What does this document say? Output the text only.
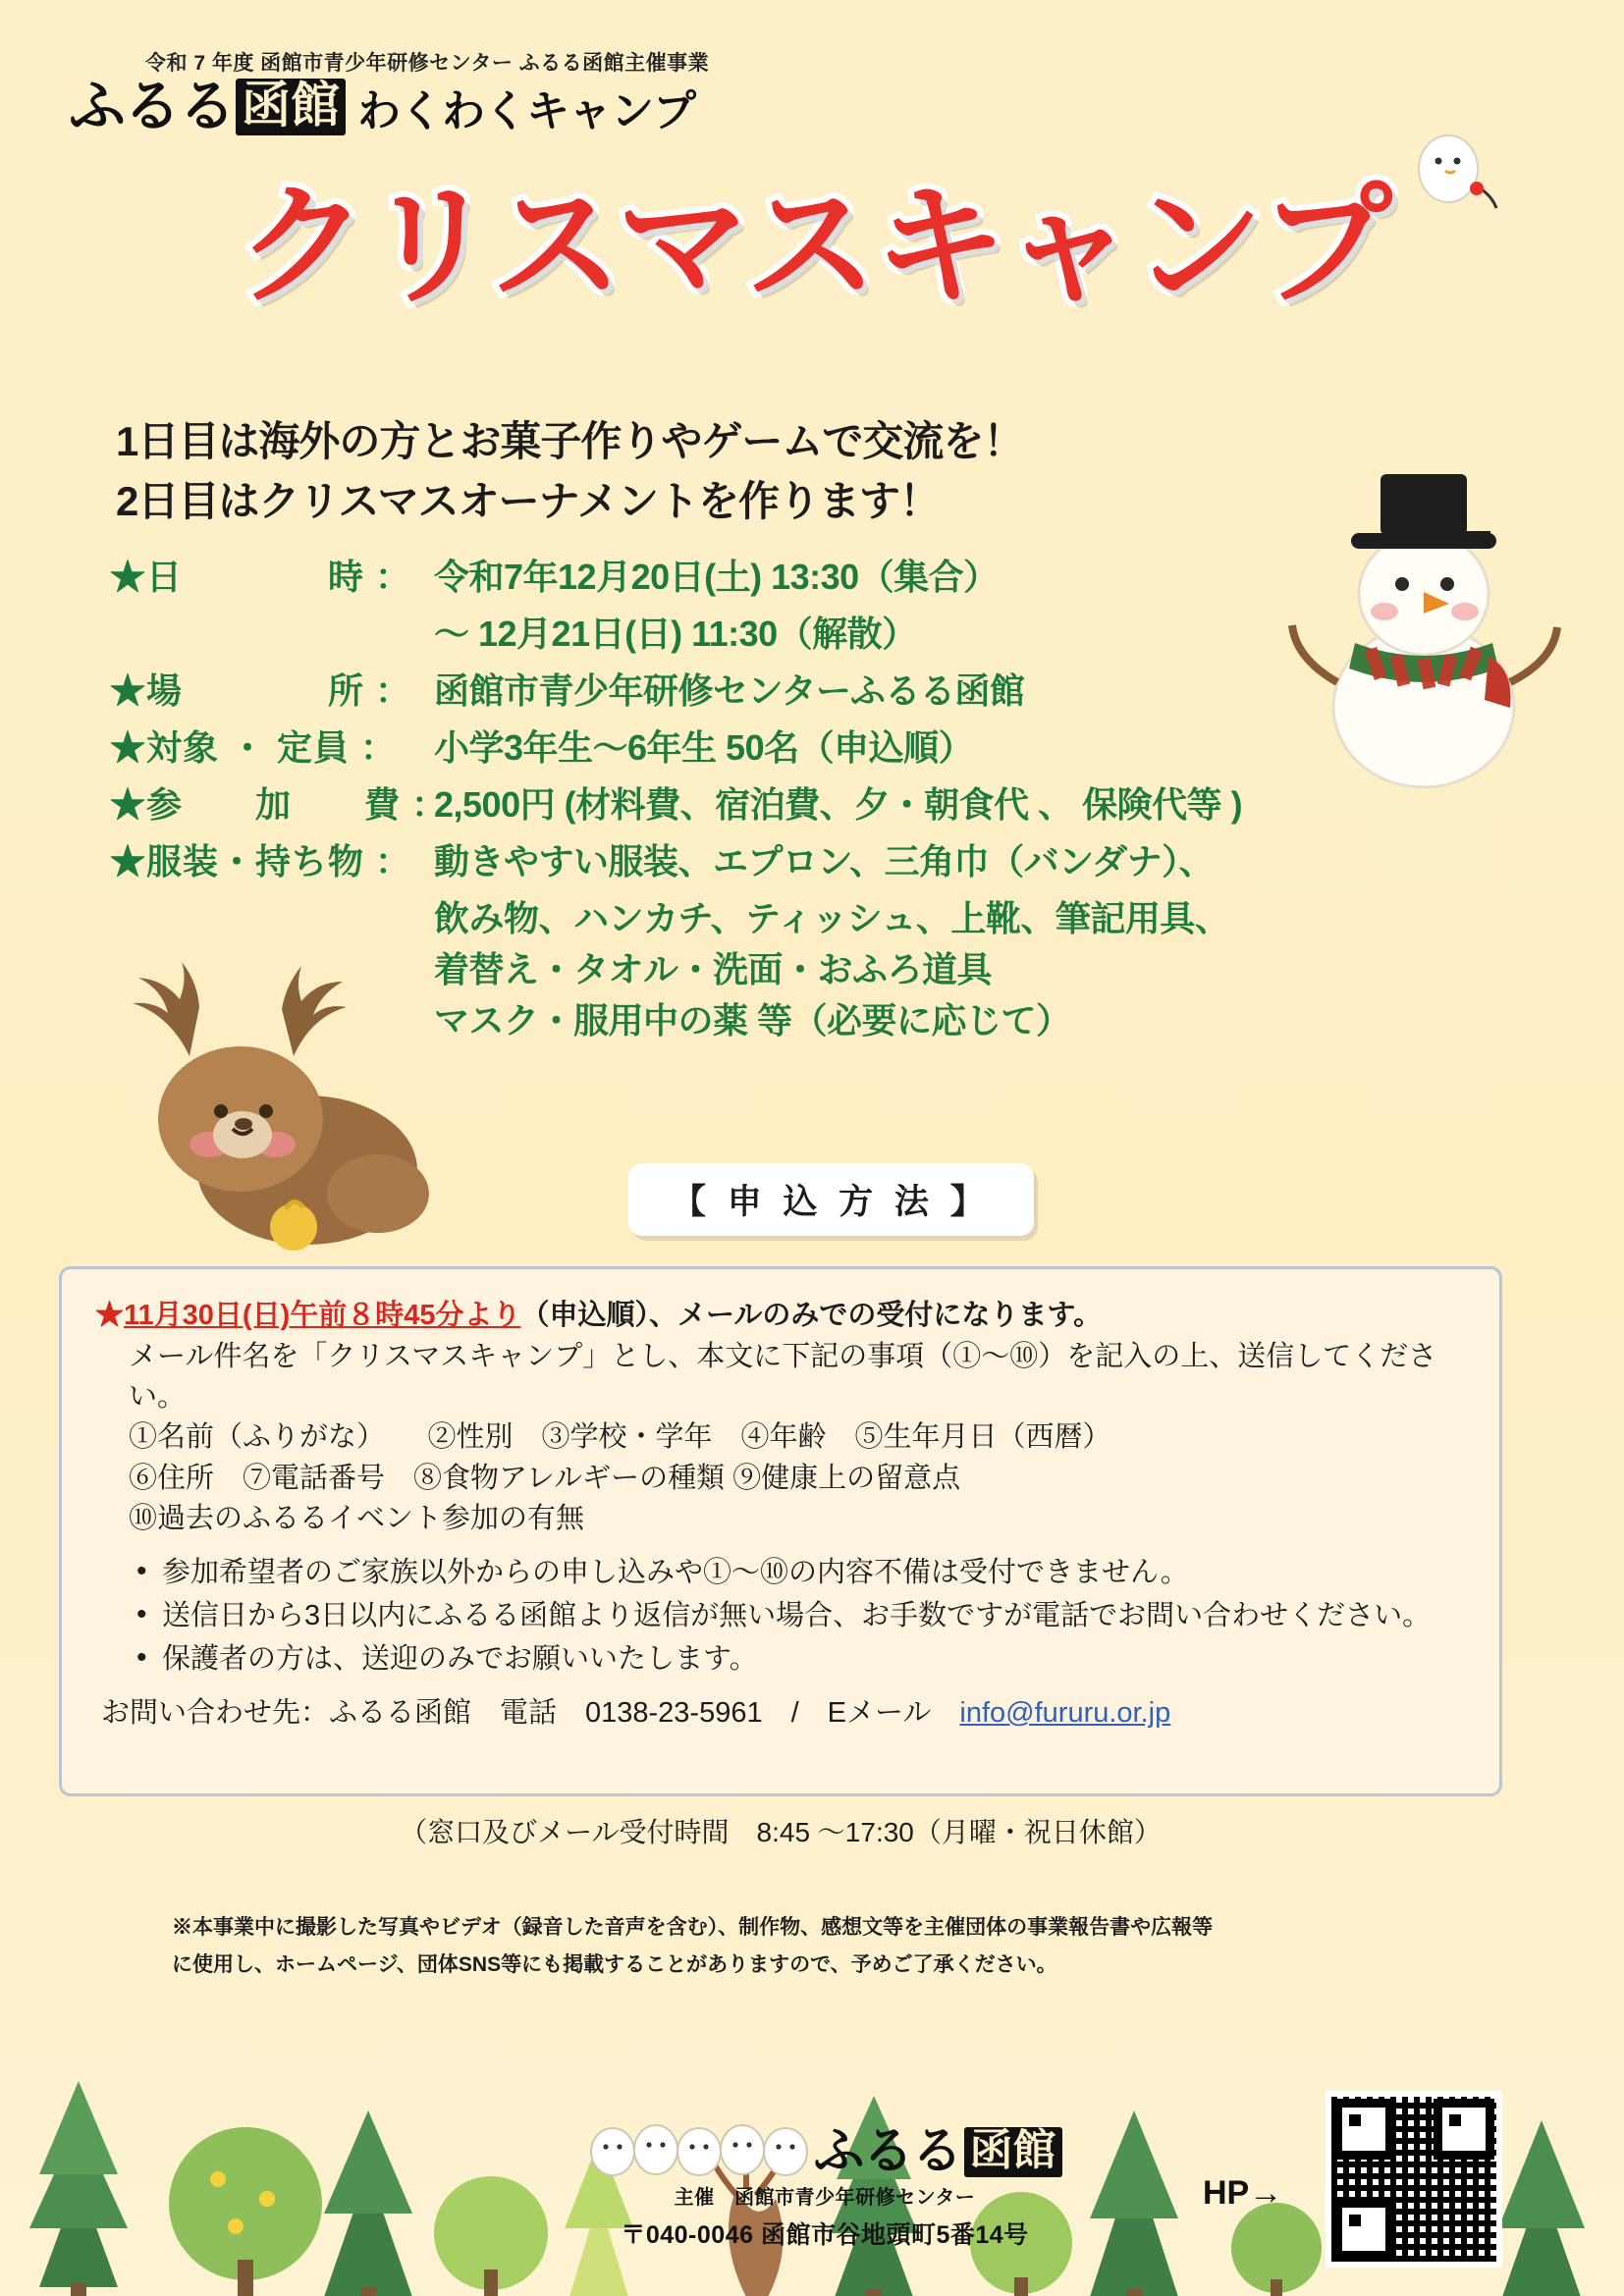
令和 7 年度 函館市青少年研修センター ふるる函館主催事業
ふるる 函館 わくわくキャンプ
クリスマスキャンプ
1日目は海外の方とお菓子作りやゲームで交流を！
2日目はクリスマスオーナメントを作ります！
★日　　　　時 ： 令和7年12月20日(土) 13:30（集合）
〜 12月21日(日) 11:30（解散）
★場　　　　所 ： 函館市青少年研修センターふるる函館
★対象 ・ 定員 ：	小学3年生〜6年生 50名（申込順）
★参　　加　　費 ：
2,500円 (材料費、宿泊費、夕・朝食代 、 保険代等 )
★服装・持ち物 ： 動きやすい服装、エプロン、三角巾（バンダナ）、
飲み物、ハンカチ、ティッシュ、上靴、筆記用具、
着替え・タオル・洗面・おふろ道具
マスク・服用中の薬 等（必要に応じて）
【 申 込 方 法 】
★11月30日(日)午前８時45分より（申込順）、メールのみでの受付になります。
メール件名を「クリスマスキャンプ」とし、本文に下記の事項（①〜⑩）を記入の上、送信してください。
①名前（ふりがな）　　②性別　③学校・学年　④年齢　⑤生年月日（西暦）
⑥住所　⑦電話番号　⑧食物アレルギーの種類 ⑨健康上の留意点
⑩過去のふるるイベント参加の有無
• 参加希望者のご家族以外からの申し込みや①〜⑩の内容不備は受付できません。
• 送信日から3日以内にふるる函館より返信が無い場合、お手数ですが電話でお問い合わせください。
• 保護者の方は、送迎のみでお願いいたします。
お問い合わせ先：ふるる函館　電話　0138-23-5961　/　Eメール　info@fururu.or.jp
（窓口及びメール受付時間　8:45 〜17:30（月曜・祝日休館）
※本事業中に撮影した写真やビデオ（録音した音声を含む）、制作物、感想文等を主催団体の事業報告書や広報等
に使用し、ホームページ、団体SNS等にも掲載することがありますので、予めご了承ください。
ふるる 函館
主催　函館市青少年研修センター
〒040-0046 函館市谷地頭町5番14号
HP→
